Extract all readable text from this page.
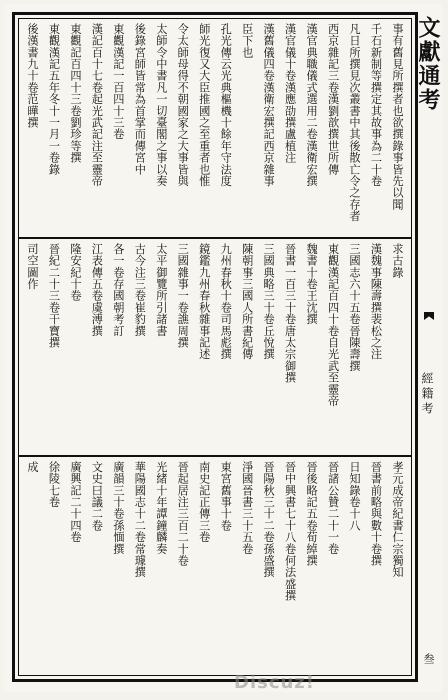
事有舊見所撰者也欲撰錄事皆先以聞
千石新制等撰定其故事為二十卷
凡日所撰見次叢書中其後散亡令之存者
西京雜記三卷漢劉歆撰世所傳
漢官典職儀式選用二卷漢衛宏撰
漢官儀十卷漢應劭撰盧植注
漢舊儀四卷漢衛宏撰記西京雜事
臣下也
孔光傳云光典樞機十餘年守法度
師光復又大臣推國之至重者也惟
令太師母得不朝國家之大事皆與
太師令中書凡一切臺閣之事以奏
後錄宮師皆常為首掌而傳宮中
東觀漢記一百四十三卷
漢記百十七卷起光武記注至靈帝
東觀記百四十三卷劉珍等撰
東觀漢記五年冬十一月一卷錄
後漢書九十卷范曄撰
求古錄
漢魏事陳壽撰裴松之注
三國志六十五卷晉陳壽撰
東觀漢記百四十卷自光武至靈帝
魏書十卷王沈撰
晉書一百三十卷唐太宗御撰
三國典略三十卷丘悅撰
陳朝事三國人所書紀傳
九州春秋十卷司馬彪撰
鏡鑑九州春秋雜事記述
三國雜事一卷譙周撰
太平御覽所引諸書
古今注三卷崔豹撰
各一卷存國朝考訂
江表傳五卷虞溥撰
隆安紀十卷
晉紀二十三卷干寶撰
司空圖作
孝元成帝紀書仁宗獨知
晉書前略與數十卷撰
日知錄卷十八
晉諸公贊二十一卷
晉後略記五卷荀綽撰
晉中興書七十八卷何法盛撰
晉陽秋三十二卷孫盛撰
淨國晉書三十五卷
東宮舊事十卷
南史記正傳三卷
晉起居注三百二十卷
光緒十年譚鐘麟奏
華陽國志十二卷常璩撰
廣韻三十卷孫愐撰
文史曰議二卷
廣興記二十四卷
徐陵七卷
成
文獻通考
經籍考
叁
Discuz!
